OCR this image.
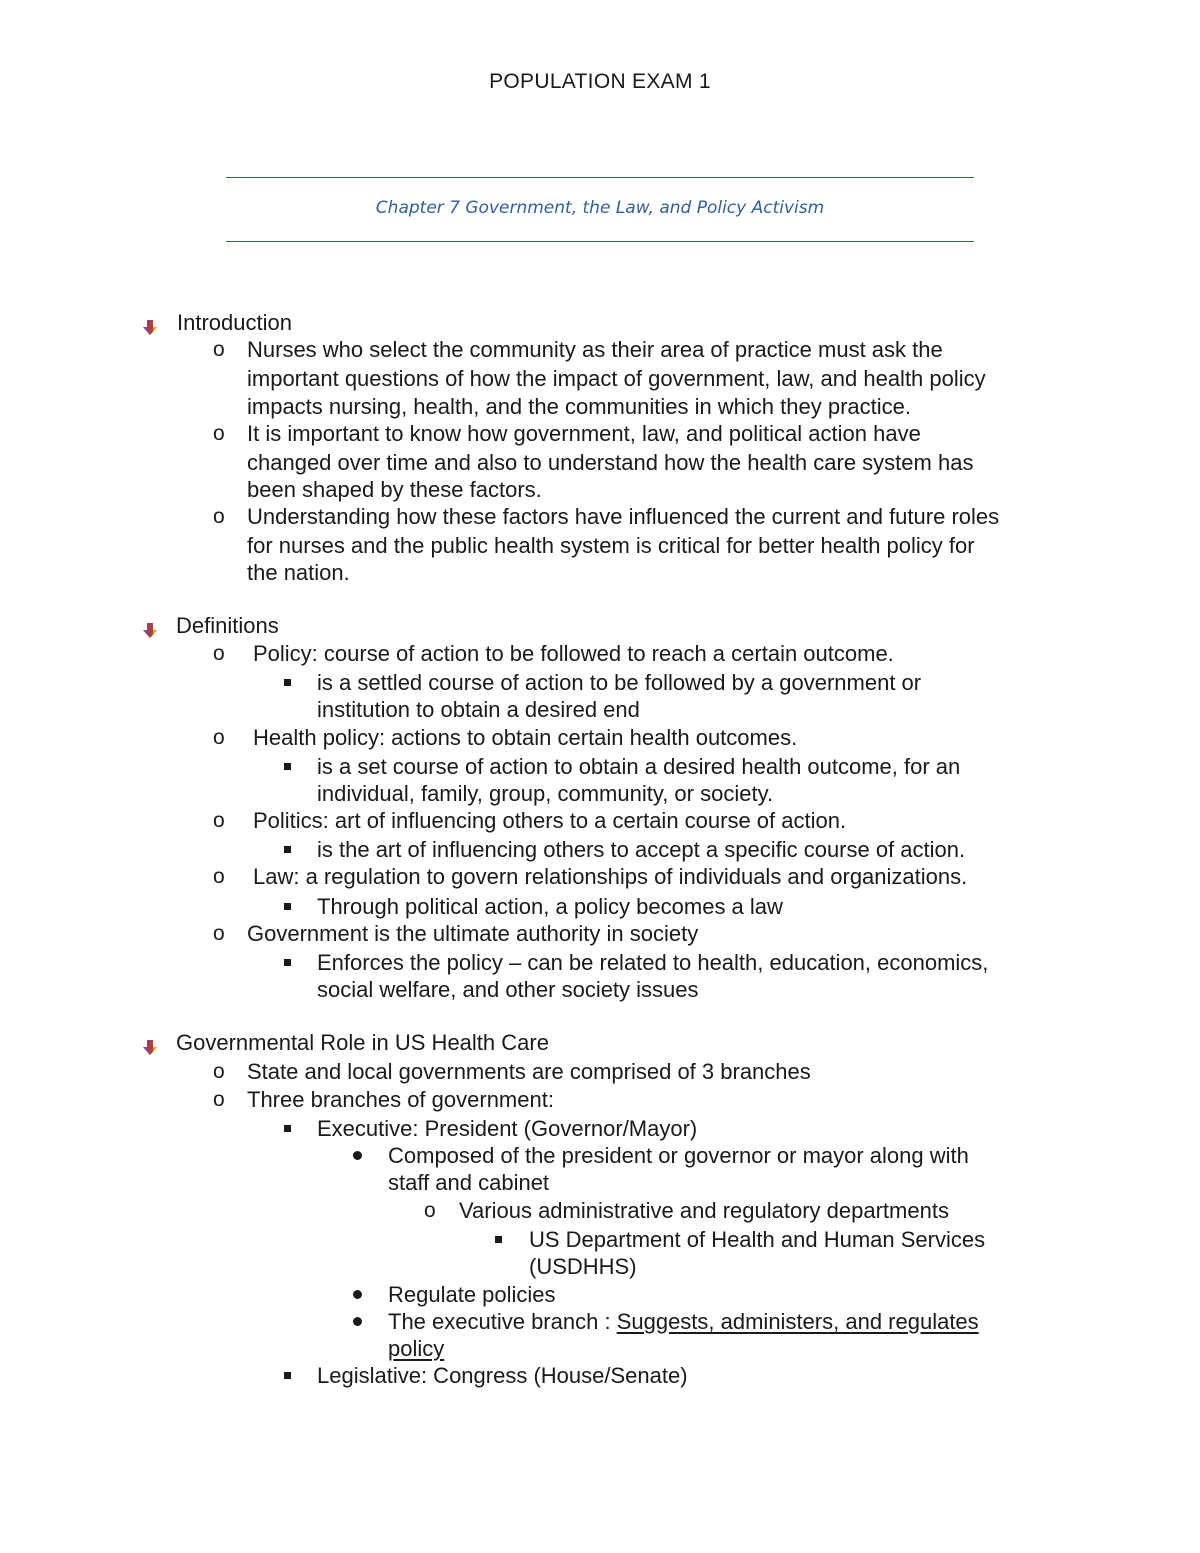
POPULATION EXAM 1
Chapter 7 Government, the Law, and Policy Activism
Introduction
o Nurses who select the community as their area of practice must ask the
important questions of how the impact of government, law, and health policy
impacts nursing, health, and the communities in which they practice.
o It is important to know how government, law, and political action have
changed over time and also to understand how the health care system has
been shaped by these factors.
o Understanding how these factors have influenced the current and future roles
for nurses and the public health system is critical for better health policy for
the nation.
Definitions
o Policy: course of action to be followed to reach a certain outcome.
is a settled course of action to be followed by a government or
institution to obtain a desired end
o Health policy: actions to obtain certain health outcomes.
is a set course of action to obtain a desired health outcome, for an
individual, family, group, community, or society.
o Politics: art of influencing others to a certain course of action.
is the art of influencing others to accept a specific course of action.
o Law: a regulation to govern relationships of individuals and organizations.
Through political action, a policy becomes a law
o Government is the ultimate authority in society
Enforces the policy – can be related to health, education, economics,
social welfare, and other society issues
Governmental Role in US Health Care
o State and local governments are comprised of 3 branches
o Three branches of government:
Executive: President (Governor/Mayor)
Composed of the president or governor or mayor along with
staff and cabinet
o Various administrative and regulatory departments
US Department of Health and Human Services
(USDHHS)
Regulate policies
The executive branch : Suggests, administers, and regulates
policy
Legislative: Congress (House/Senate)
